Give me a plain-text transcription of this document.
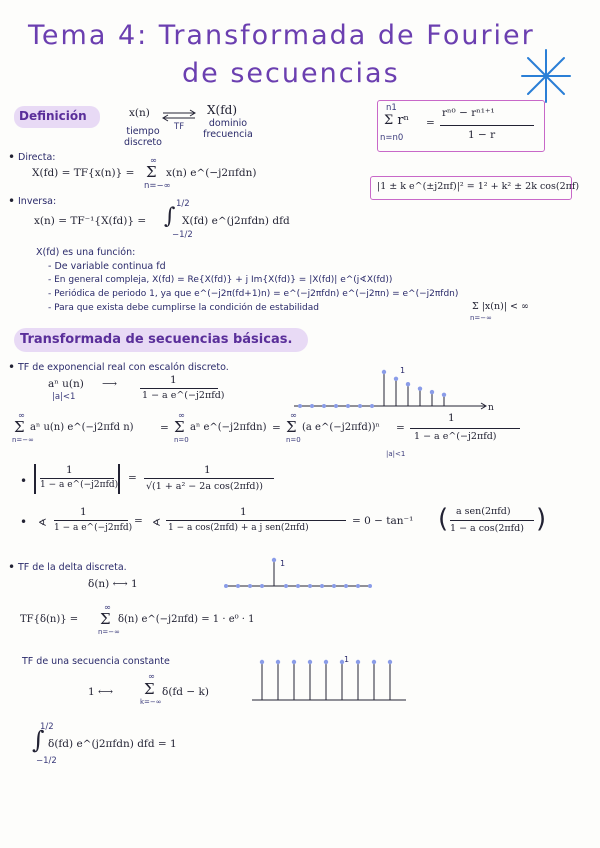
Tema 4: Transformada de Fourier
de secuencias
Definición	x(n)
TF
X(fd)
tiempo discreto
dominio frecuencia
n1
Σ rⁿ
n=n0
=
rⁿ⁰ − rⁿ¹⁺¹
1 − r
• Directa:
X(fd) = TF{x(n)} =
∞
Σ
n=−∞
x(n) e^(−j2πfdn)
|1 ± k e^(±j2πf)|² = 1² + k² ± 2k cos(2πf)
• Inversa:
x(n) = TF⁻¹{X(fd)} =
1/2
∫
−1/2
X(fd) e^(j2πfdn) dfd
X(fd) es una función:
- De variable continua fd
- En general compleja, X(fd) = Re{X(fd)} + j Im{X(fd)} = |X(fd)| e^(j∢X(fd))
- Periódica de periodo 1, ya que e^(−j2π(fd+1)n) = e^(−j2πfdn) e^(−j2πn) = e^(−j2πfdn)
- Para que exista debe cumplirse la condición de estabilidad	Σ |x(n)| < ∞
n=−∞
Transformada de secuencias básicas.
• TF de exponencial real con escalón discreto.
aⁿ u(n)
|a|<1
⟶	1
1 − a e^(−j2πfd)
1
n
∞
Σ
n=−∞
aⁿ u(n) e^(−j2πfd n)	=
∞
Σ
n=0
aⁿ e^(−j2πfdn) =
∞
Σ
n=0
(a e^(−j2πfd))ⁿ =
1
1 − a e^(−j2πfd)
|a|<1
•
1
1 − a e^(−j2πfd)
=
1
√(1 + a² − 2a cos(2πfd))
• ∢
1
1 − a e^(−j2πfd)
= ∢
1
1 − a cos(2πfd) + a j sen(2πfd)
= 0 − tan⁻¹ ( a sen(2πfd)
1 − a cos(2πfd) )
• TF de la delta discreta.
δ(n) ⟷ 1
1
TF{δ(n)} =
∞
Σ
n=−∞
δ(n) e^(−j2πfd) = 1 · e⁰ · 1
TF de una secuencia constante
1 ⟷
∞
Σ
k=−∞
δ(fd − k)
1
1/2
∫
−1/2
δ(fd) e^(j2πfdn) dfd = 1
